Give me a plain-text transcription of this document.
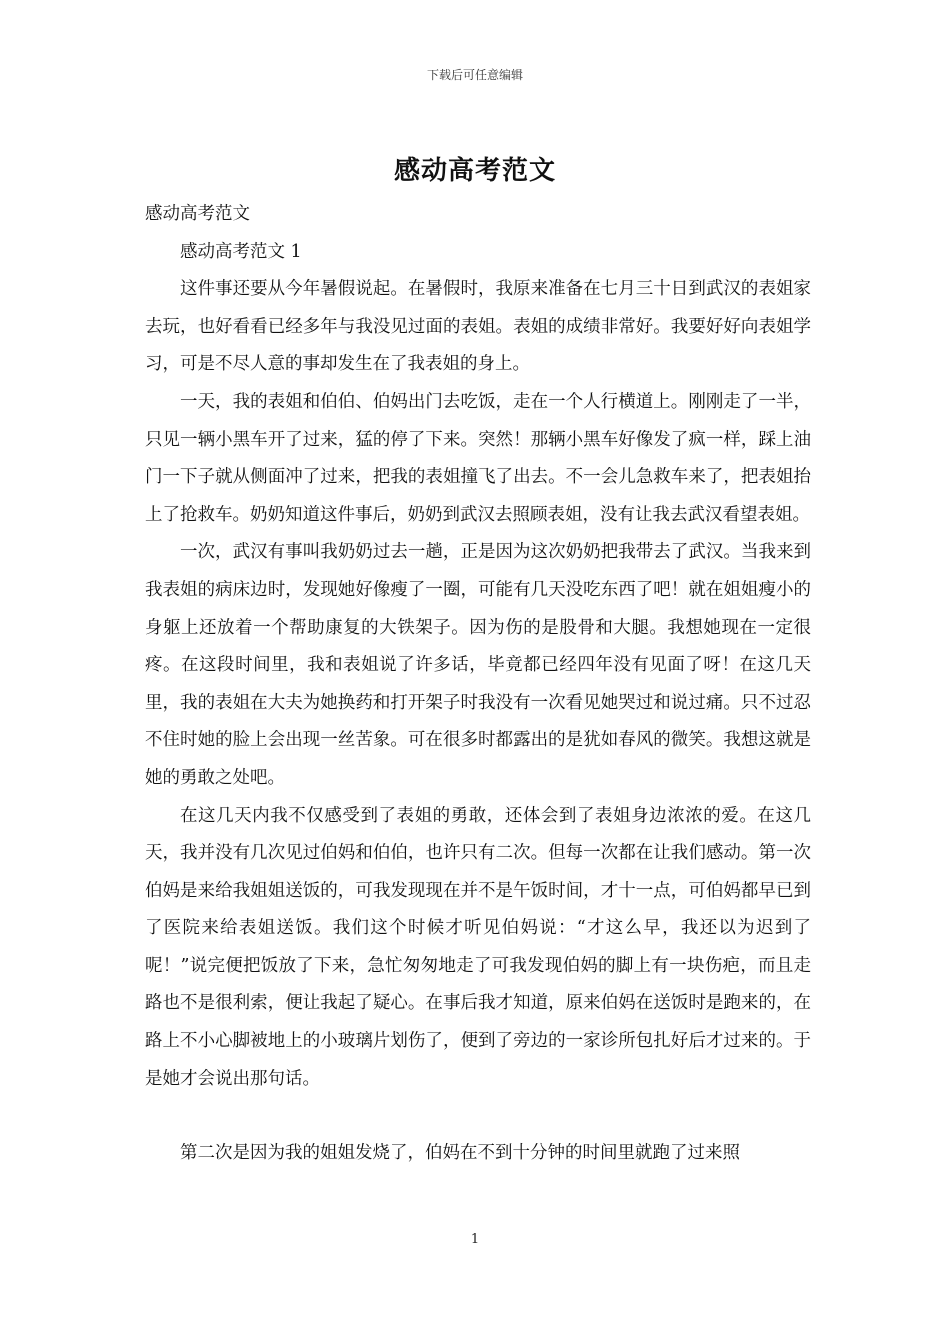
下载后可任意编辑
感动高考范文

感动高考范文

感动高考范文 1

这件事还要从今年暑假说起。在暑假时，我原来准备在七月三十日到武汉的表姐家去玩，也好看看已经多年与我没见过面的表姐。表姐的成绩非常好。我要好好向表姐学习，可是不尽人意的事却发生在了我表姐的身上。

一天，我的表姐和伯伯、伯妈出门去吃饭，走在一个人行横道上。刚刚走了一半，只见一辆小黑车开了过来，猛的停了下来。突然！那辆小黑车好像发了疯一样，踩上油门一下子就从侧面冲了过来，把我的表姐撞飞了出去。不一会儿急救车来了，把表姐抬上了抢救车。奶奶知道这件事后，奶奶到武汉去照顾表姐，没有让我去武汉看望表姐。

一次，武汉有事叫我奶奶过去一趟，正是因为这次奶奶把我带去了武汉。当我来到我表姐的病床边时，发现她好像瘦了一圈，可能有几天没吃东西了吧！就在姐姐瘦小的身躯上还放着一个帮助康复的大铁架子。因为伤的是股骨和大腿。我想她现在一定很疼。在这段时间里，我和表姐说了许多话，毕竟都已经四年没有见面了呀！在这几天里，我的表姐在大夫为她换药和打开架子时我没有一次看见她哭过和说过痛。只不过忍不住时她的脸上会出现一丝苦象。可在很多时都露出的是犹如春风的微笑。我想这就是她的勇敢之处吧。

在这几天内我不仅感受到了表姐的勇敢，还体会到了表姐身边浓浓的爱。在这几天，我并没有几次见过伯妈和伯伯，也许只有二次。但每一次都在让我们感动。第一次伯妈是来给我姐姐送饭的，可我发现现在并不是午饭时间，才十一点，可伯妈都早已到了医院来给表姐送饭。我们这个时候才听见伯妈说：“才这么早，我还以为迟到了呢！”说完便把饭放了下来，急忙匆匆地走了可我发现伯妈的脚上有一块伤疤，而且走路也不是很利索，便让我起了疑心。在事后我才知道，原来伯妈在送饭时是跑来的，在路上不小心脚被地上的小玻璃片划伤了，便到了旁边的一家诊所包扎好后才过来的。于是她才会说出那句话。

第二次是因为我的姐姐发烧了，伯妈在不到十分钟的时间里就跑了过来照

1
